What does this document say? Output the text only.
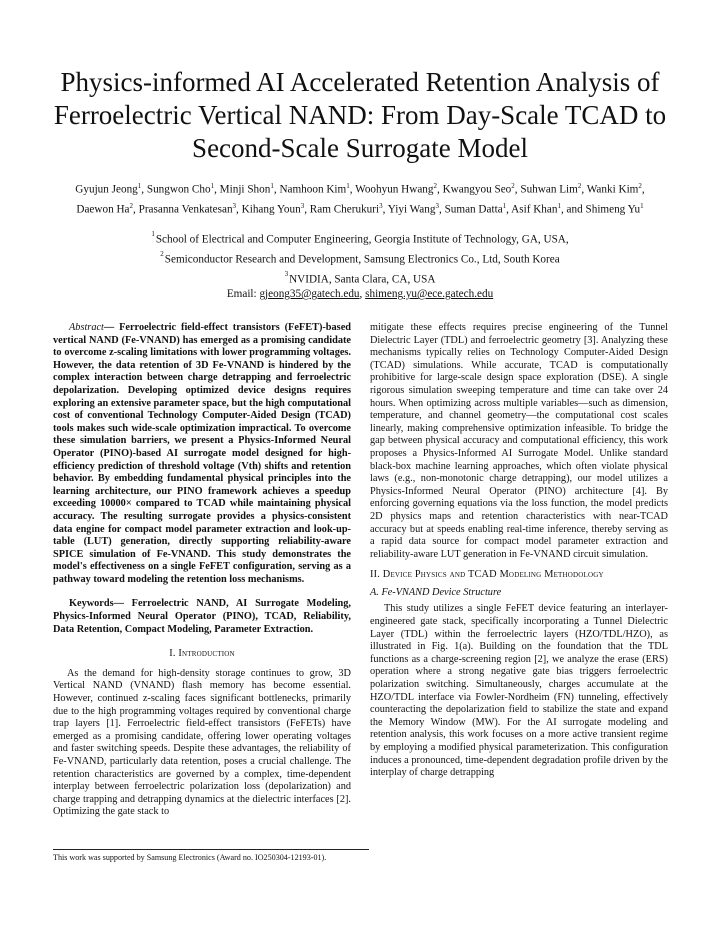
Physics-informed AI Accelerated Retention Analysis of Ferroelectric Vertical NAND: From Day-Scale TCAD to Second-Scale Surrogate Model
Gyujun Jeong$^1$, Sungwon Cho$^1$, Minji Shon$^1$, Namhoon Kim$^1$, Woohyun Hwang$^2$, Kwangyou Seo$^2$, Suhwan Lim$^2$, Wanki Kim$^2$, Daewon Ha$^2$, Prasanna Venkatesan$^3$, Kihang Youn$^3$, Ram Cherukuri$^3$, Yiyi Wang$^3$, Suman Datta$^1$, Asif Khan$^1$, and Shimeng Yu$^1$
$^1$School of Electrical and Computer Engineering, Georgia Institute of Technology, GA, USA,
$^2$Semiconductor Research and Development, Samsung Electronics Co., Ltd, South Korea
$^3$NVIDIA, Santa Clara, CA, USA
Email: gjeong35@gatech.edu, shimeng.yu@ece.gatech.edu

Abstract— Ferroelectric field-effect transistors (FeFET)-based vertical NAND (Fe-VNAND) has emerged as a promising candidate to overcome z-scaling limitations with lower programming voltages. However, the data retention of 3D Fe-VNAND is hindered by the complex interaction between charge detrapping and ferroelectric depolarization. Developing optimized device designs requires exploring an extensive parameter space, but the high computational cost of conventional Technology Computer-Aided Design (TCAD) tools makes such wide-scale optimization impractical. To overcome these simulation barriers, we present a Physics-Informed Neural Operator (PINO)-based AI surrogate model designed for high-efficiency prediction of threshold voltage (Vth) shifts and retention behavior. By embedding fundamental physical principles into the learning architecture, our PINO framework achieves a speedup exceeding 10000× compared to TCAD while maintaining physical accuracy. The resulting surrogate provides a physics-consistent data engine for compact model parameter extraction and look-up-table (LUT) generation, directly supporting reliability-aware SPICE simulation of Fe-VNAND. This study demonstrates the model's effectiveness on a single FeFET configuration, serving as a pathway toward modeling the retention loss mechanisms.

Keywords— Ferroelectric NAND, AI Surrogate Modeling, Physics-Informed Neural Operator (PINO), TCAD, Reliability, Data Retention, Compact Modeling, Parameter Extraction.

I. Introduction

As the demand for high-density storage continues to grow, 3D Vertical NAND (VNAND) flash memory has become essential. However, continued z-scaling faces significant bottlenecks, primarily due to the high programming voltages required by conventional charge trap layers [1]. Ferroelectric field-effect transistors (FeFETs) have emerged as a promising candidate, offering lower operating voltages and faster switching speeds. Despite these advantages, the reliability of Fe-VNAND, particularly data retention, poses a crucial challenge. The retention characteristics are governed by a complex, time-dependent interplay between ferroelectric polarization loss (depolarization) and charge trapping and detrapping dynamics at the dielectric interfaces [2]. Optimizing the gate stack to

mitigate these effects requires precise engineering of the Tunnel Dielectric Layer (TDL) and ferroelectric geometry [3]. Analyzing these mechanisms typically relies on Technology Computer-Aided Design (TCAD) simulations. While accurate, TCAD is computationally prohibitive for large-scale design space exploration (DSE). A single rigorous simulation sweeping temperature and time can take over 24 hours. When optimizing across multiple variables—such as dimension, temperature, and channel geometry—the computational cost scales linearly, making comprehensive optimization infeasible. To bridge the gap between physical accuracy and computational efficiency, this work proposes a Physics-Informed AI Surrogate Model. Unlike standard black-box machine learning approaches, which often violate physical laws (e.g., non-monotonic charge detrapping), our model utilizes a Physics-Informed Neural Operator (PINO) architecture [4]. By enforcing governing equations via the loss function, the model predicts 2D physics maps and retention characteristics with near-TCAD accuracy but at speeds enabling real-time inference, thereby serving as a rapid data source for compact model parameter extraction and reliability-aware LUT generation in Fe-VNAND circuit simulation.

II. Device Physics and TCAD Modeling Methodology
A. Fe-VNAND Device Structure

This study utilizes a single FeFET device featuring an interlayer-engineered gate stack, specifically incorporating a Tunnel Dielectric Layer (TDL) within the ferroelectric layers (HZO/TDL/HZO), as illustrated in Fig. 1(a). Building on the foundation that the TDL functions as a charge-screening region [2], we analyze the erase (ERS) operation where a strong negative gate bias triggers ferroelectric polarization switching. Simultaneously, charges accumulate at the HZO/TDL interface via Fowler-Nordheim (FN) tunneling, effectively counteracting the depolarization field to stabilize the state and expand the Memory Window (MW). For the AI surrogate modeling and retention analysis, this work focuses on a more active transient regime by employing a modified physical parameterization. This configuration induces a pronounced, time-dependent degradation profile driven by the interplay of charge detrapping

This work was supported by Samsung Electronics (Award no. IO250304-12193-01).
